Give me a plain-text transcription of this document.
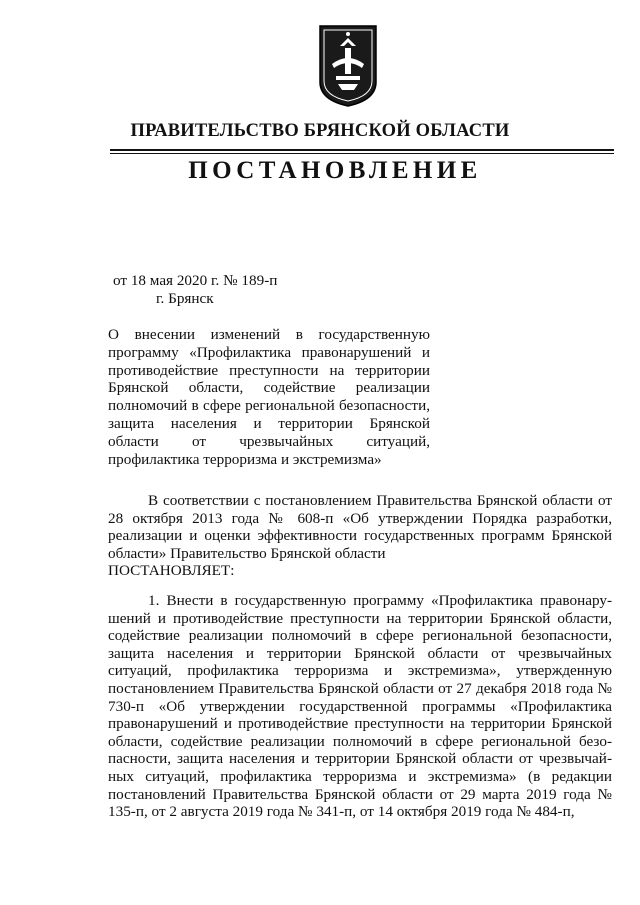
ПРАВИТЕЛЬСТВО БРЯНСКОЙ ОБЛАСТИ
ПОСТАНОВЛЕНИЕ
от 18 мая 2020 г. № 189-п
г. Брянск
О внесении изменений в государственную программу «Профилактика правонарушений и противодействие преступности на территории Брянской области, содействие реализации полномочий в сфере региональной безопасности, защита населения и территории Брянской области от чрезвычайных ситуаций, профилактика терроризма и экстремизма»

В соответствии с постановлением Правительства Брянской области от 28 октября 2013 года № 608-п «Об утверждении Порядка разработки, реализации и оценки эффективности государственных программ Брянской области» Правительство Брянской области

ПОСТАНОВЛЯЕТ:

1. Внести в государственную программу «Профилактика правонарушений и противодействие преступности на территории Брянской области, содействие реализации полномочий в сфере региональной безопасности, защита населения и территории Брянской области от чрезвычайных ситуаций, профилактика терроризма и экстремизма», утвержденную постановлением Правительства Брянской области от 27 декабря 2018 года № 730-п «Об утверждении государственной программы «Профилактика правонарушений и противодействие преступности на территории Брянской области, содействие реализации полномочий в сфере региональной безопасности, защита населения и территории Брянской области от чрезвычайных ситуаций, профилактика терроризма и экстремизма» (в редакции постановлений Правительства Брянской области от 29 марта 2019 года № 135-п, от 2 августа 2019 года № 341-п, от 14 октября 2019 года № 484-п,
